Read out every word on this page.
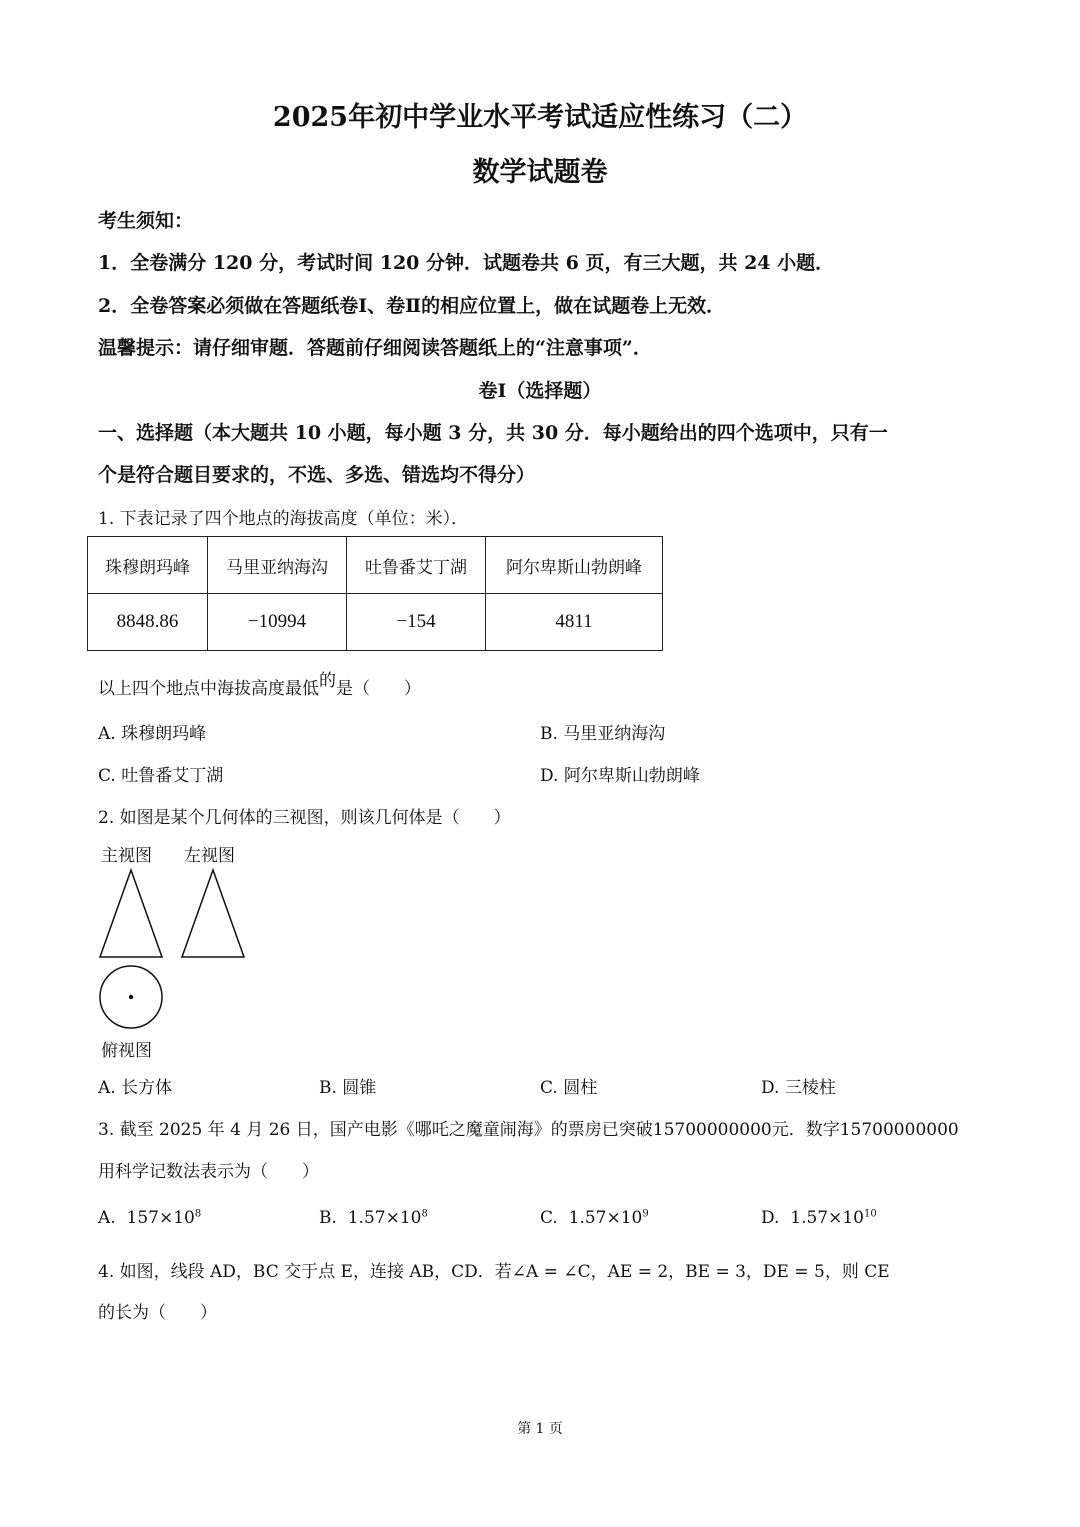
2025年初中学业水平考试适应性练习（二）
数学试题卷
考生须知：
1．全卷满分 120 分，考试时间 120 分钟．试题卷共 6 页，有三大题，共 24 小题．
2．全卷答案必须做在答题纸卷Ⅰ、卷Ⅱ的相应位置上，做在试题卷上无效．
温馨提示：请仔细审题．答题前仔细阅读答题纸上的“注意事项”．
卷Ⅰ（选择题）
一、选择题（本大题共 10 小题，每小题 3 分，共 30 分．每小题给出的四个选项中，只有一
个是符合题目要求的，不选、多选、错选均不得分）
1. 下表记录了四个地点的海拔高度（单位：米）．
珠穆朗玛峰	马里亚纳海沟	吐鲁番艾丁湖	阿尔卑斯山勃朗峰
8848.86	−10994	−154	4811
以上四个地点中海拔高度最低的是（　　）
A. 珠穆朗玛峰	B. 马里亚纳海沟
C. 吐鲁番艾丁湖	D. 阿尔卑斯山勃朗峰
2. 如图是某个几何体的三视图，则该几何体是（　　）
主视图 左视图
俯视图
A. 长方体	B. 圆锥	C. 圆柱	D. 三棱柱
3. 截至 2025 年 4 月 26 日，国产电影《哪吒之魔童闹海》的票房已突破15700000000元．数字15700000000
用科学记数法表示为（　　）
A. $157\times 10^8$	B. $1.57\times 10^8$	C. $1.57\times 10^9$	D. $1.57\times 10^{10}$
4. 如图，线段 AD，BC 交于点 E，连接 AB，CD．若∠A = ∠C，AE = 2，BE = 3，DE = 5，则 CE
的长为（　　）
第 1 页
